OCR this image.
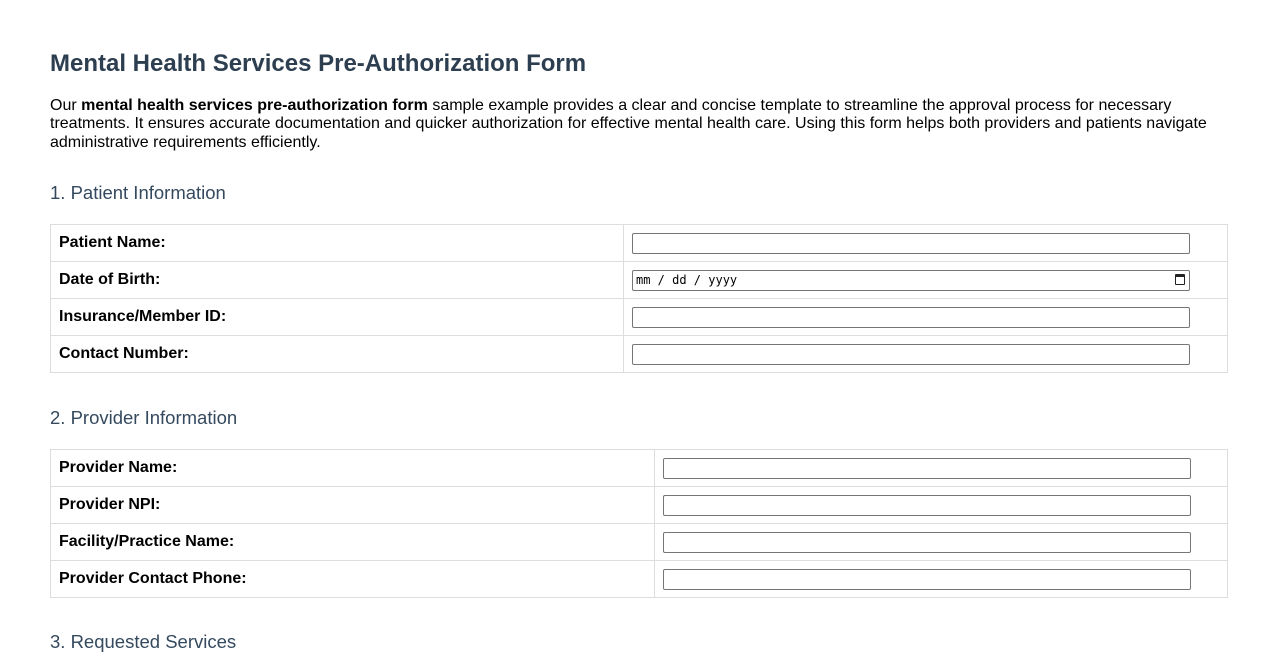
Mental Health Services Pre-Authorization Form

Our mental health services pre-authorization form sample example provides a clear and concise template to streamline the approval process for necessary treatments. It ensures accurate documentation and quicker authorization for effective mental health care. Using this form helps both providers and patients navigate administrative requirements efficiently.

1. Patient Information
Patient Name:	

Date of Birth:	mm / dd / yyyy

Insurance/Member ID:	

Contact Number:	
2. Provider Information
Provider Name:	

Provider NPI:	

Facility/Practice Name:	

Provider Contact Phone:	
3. Requested Services
